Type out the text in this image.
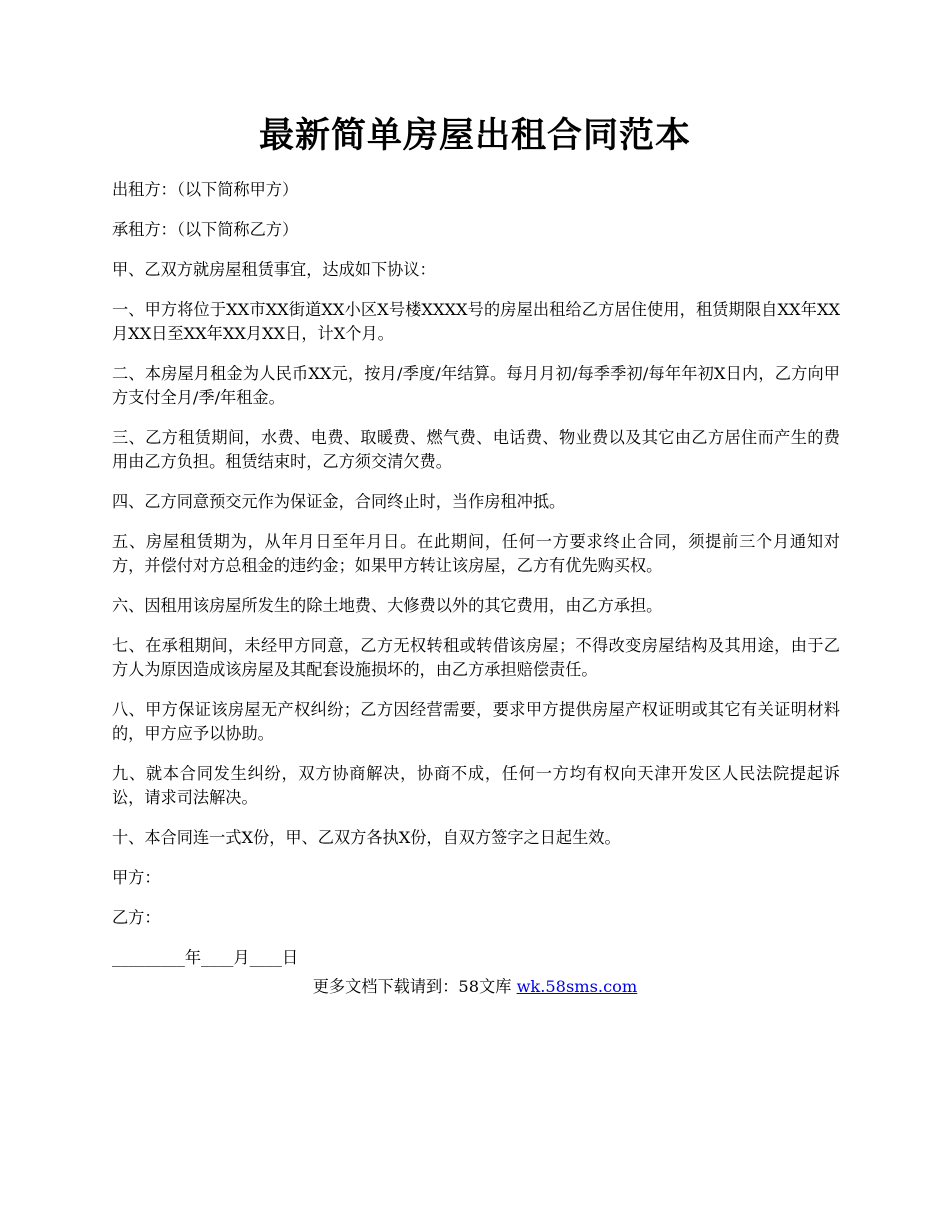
最新简单房屋出租合同范本

出租方：（以下简称甲方）

承租方：（以下简称乙方）

甲、乙双方就房屋租赁事宜，达成如下协议：

一、甲方将位于XX市XX街道XX小区X号楼XXXX号的房屋出租给乙方居住使用，租赁期限自XX年XX月XX日至XX年XX月XX日，计X个月。

二、本房屋月租金为人民币XX元，按月/季度/年结算。每月月初/每季季初/每年年初X日内，乙方向甲方支付全月/季/年租金。

三、乙方租赁期间，水费、电费、取暖费、燃气费、电话费、物业费以及其它由乙方居住而产生的费用由乙方负担。租赁结束时，乙方须交清欠费。

四、乙方同意预交元作为保证金，合同终止时，当作房租冲抵。

五、房屋租赁期为，从年月日至年月日。在此期间，任何一方要求终止合同，须提前三个月通知对方，并偿付对方总租金的违约金；如果甲方转让该房屋，乙方有优先购买权。

六、因租用该房屋所发生的除土地费、大修费以外的其它费用，由乙方承担。

七、在承租期间，未经甲方同意，乙方无权转租或转借该房屋；不得改变房屋结构及其用途，由于乙方人为原因造成该房屋及其配套设施损坏的，由乙方承担赔偿责任。

八、甲方保证该房屋无产权纠纷；乙方因经营需要，要求甲方提供房屋产权证明或其它有关证明材料的，甲方应予以协助。

九、就本合同发生纠纷，双方协商解决，协商不成，任何一方均有权向天津开发区人民法院提起诉讼，请求司法解决。

十、本合同连一式X份，甲、乙双方各执X份，自双方签字之日起生效。

甲方：

乙方：

_________年____月____日

更多文档下载请到：58文库 wk.58sms.com
